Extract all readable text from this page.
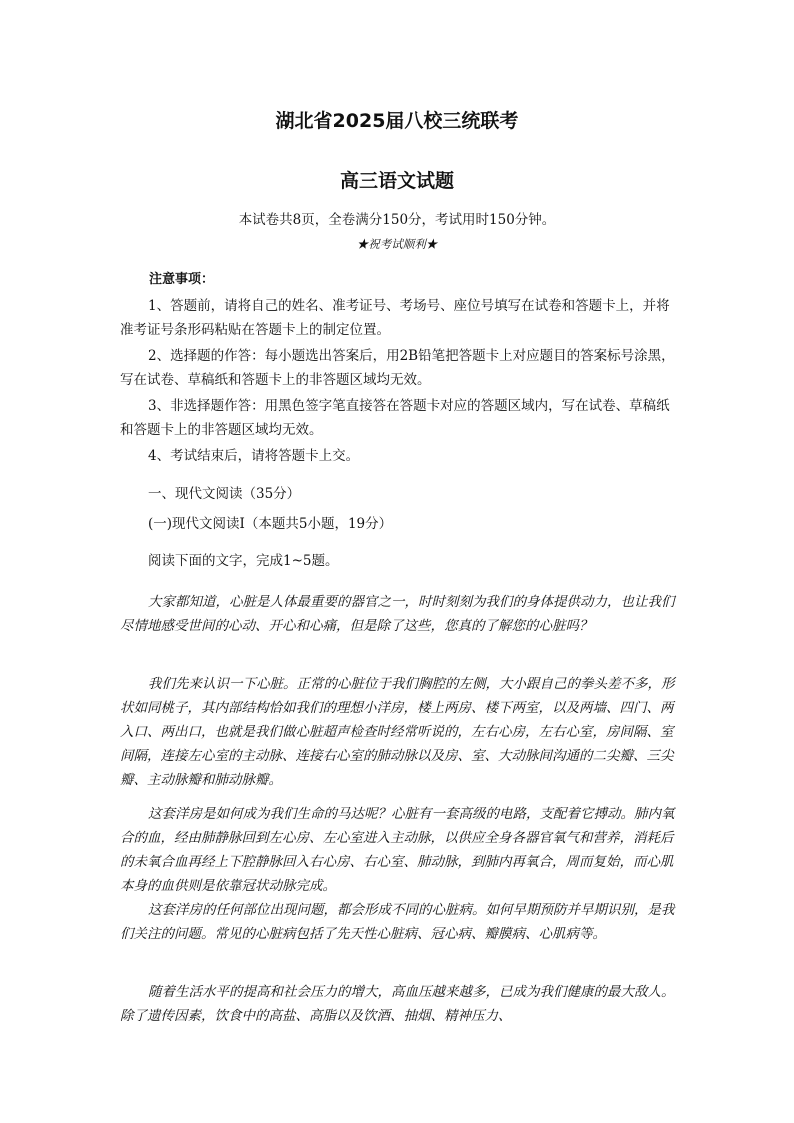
湖北省2025届八校三统联考
高三语文试题
本试卷共8页，全卷满分150分，考试用时150分钟。
★祝考试顺利★
注意事项：
1、答题前，请将自己的姓名、准考证号、考场号、座位号填写在试卷和答题卡上，并将准考证号条形码粘贴在答题卡上的制定位置。
2、选择题的作答：每小题选出答案后，用2B铅笔把答题卡上对应题目的答案标号涂黑，写在试卷、草稿纸和答题卡上的非答题区域均无效。
3、非选择题作答：用黑色签字笔直接答在答题卡对应的答题区域内，写在试卷、草稿纸和答题卡上的非答题区域均无效。
4、考试结束后，请将答题卡上交。
一、现代文阅读（35分）
(一)现代文阅读Ⅰ（本题共5小题，19分）
阅读下面的文字，完成1~5题。
大家都知道，心脏是人体最重要的器官之一，时时刻刻为我们的身体提供动力，也让我们尽情地感受世间的心动、开心和心痛，但是除了这些，您真的了解您的心脏吗？
我们先来认识一下心脏。正常的心脏位于我们胸腔的左侧，大小跟自己的拳头差不多，形状如同桃子，其内部结构恰如我们的理想小洋房，楼上两房、楼下两室，以及两墙、四门、两入口、两出口，也就是我们做心脏超声检查时经常听说的，左右心房，左右心室，房间隔、室间隔，连接左心室的主动脉、连接右心室的肺动脉以及房、室、大动脉间沟通的二尖瓣、三尖瓣、主动脉瓣和肺动脉瓣。
这套洋房是如何成为我们生命的马达呢？心脏有一套高级的电路，支配着它搏动。肺内氧合的血，经由肺静脉回到左心房、左心室进入主动脉，以供应全身各器官氧气和营养，消耗后的未氧合血再经上下腔静脉回入右心房、右心室、肺动脉，到肺内再氧合，周而复始，而心肌本身的血供则是依靠冠状动脉完成。
这套洋房的任何部位出现问题，都会形成不同的心脏病。如何早期预防并早期识别，是我们关注的问题。常见的心脏病包括了先天性心脏病、冠心病、瓣膜病、心肌病等。
随着生活水平的提高和社会压力的增大，高血压越来越多，已成为我们健康的最大敌人。除了遗传因素，饮食中的高盐、高脂以及饮酒、抽烟、精神压力、
